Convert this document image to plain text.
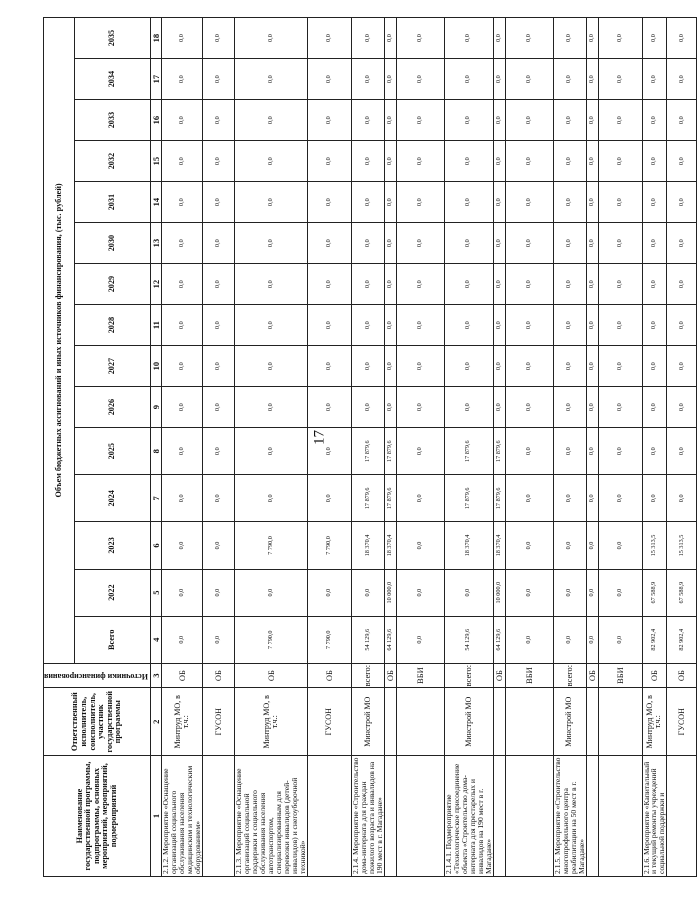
17
Наименование государственной программы, подпрограммы, основных мероприятий, мероприятий, подмероприятий	Ответственный исполнитель, соисполнитель, участник государственной программы	Источники финансирования	Объем бюджетных ассигнований и иных источников финансирования, (тыс. рублей)														
			Всего	2022	2023	2024	2025	2026	2027	2028	2029	2030	2031	2032	2033	2034	2035
1	2	3	4	5	6	7	8	9	10	11	12	13	14	15	16	17	18
2.1.2. Мероприятие «Оснащение организаций социального обслуживания населения медицинским и технологическим оборудованием»	Минтруд МО, в т.ч.:	ОБ	0,0	0,0	0,0	0,0	0,0	0,0	0,0	0,0	0,0	0,0	0,0	0,0	0,0	0,0	0,0
	ГУСОН	ОБ	0,0	0,0	0,0	0,0	0,0	0,0	0,0	0,0	0,0	0,0	0,0	0,0	0,0	0,0	0,0
2.1.3. Мероприятие «Оснащение организаций социальной поддержки и социального обслуживания населения автотранспортом, специализированным для перевозки инвалидов (детей-инвалидов) и снегоуборочной техникой»	Минтруд МО, в т.ч.:	ОБ	7 790,0	0,0	7 790,0	0,0	0,0	0,0	0,0	0,0	0,0	0,0	0,0	0,0	0,0	0,0	0,0
	ГУСОН	ОБ	7 790,0	0,0	7 790,0	0,0	0,0	0,0	0,0	0,0	0,0	0,0	0,0	0,0	0,0	0,0	0,0
2.1.4. Мероприятие «Строительство дома-интерната для граждан пожилого возраста и инвалидов на 190 мест в г. Магадане»	Минстрой МО	всего:	54 129,6	0,0	18 370,4	17 879,6	17 879,6	0,0	0,0	0,0	0,0	0,0	0,0	0,0	0,0	0,0	0,0
		ОБ	64 129,6	10 000,0	18 370,4	17 879,6	17 879,6	0,0	0,0	0,0	0,0	0,0	0,0	0,0	0,0	0,0	0,0
		ВБИ	0,0	0,0	0,0	0,0	0,0	0,0	0,0	0,0	0,0	0,0	0,0	0,0	0,0	0,0	0,0
2.1.4.1. Подмероприятие «Технологическое присоединение объекта «Строительство дома-интерната для престарелых и инвалидов на 190 мест в г. Магадане»	Минстрой МО	всего:	54 129,6	0,0	18 370,4	17 879,6	17 879,6	0,0	0,0	0,0	0,0	0,0	0,0	0,0	0,0	0,0	0,0
		ОБ	64 129,6	10 000,0	18 370,4	17 879,6	17 879,6	0,0	0,0	0,0	0,0	0,0	0,0	0,0	0,0	0,0	0,0
		ВБИ	0,0	0,0	0,0	0,0	0,0	0,0	0,0	0,0	0,0	0,0	0,0	0,0	0,0	0,0	0,0
2.1.5. Мероприятие «Строительство многопрофильного центра реабилитации на 50 мест в г. Магадане»	Минстрой МО	всего:	0,0	0,0	0,0	0,0	0,0	0,0	0,0	0,0	0,0	0,0	0,0	0,0	0,0	0,0	0,0
		ОБ	0,0	0,0	0,0	0,0	0,0	0,0	0,0	0,0	0,0	0,0	0,0	0,0	0,0	0,0	0,0
		ВБИ	0,0	0,0	0,0	0,0	0,0	0,0	0,0	0,0	0,0	0,0	0,0	0,0	0,0	0,0	0,0
2.1.6. Мероприятие «Капитальный и текущий ремонты учреждений социальной поддержки и	Минтруд МО, в т.ч.:	ОБ	82 902,4	67 588,9	15 313,5	0,0	0,0	0,0	0,0	0,0	0,0	0,0	0,0	0,0	0,0	0,0	0,0
	ГУСОН	ОБ	82 902,4	67 588,9	15 313,5	0,0	0,0	0,0	0,0	0,0	0,0	0,0	0,0	0,0	0,0	0,0	0,0
